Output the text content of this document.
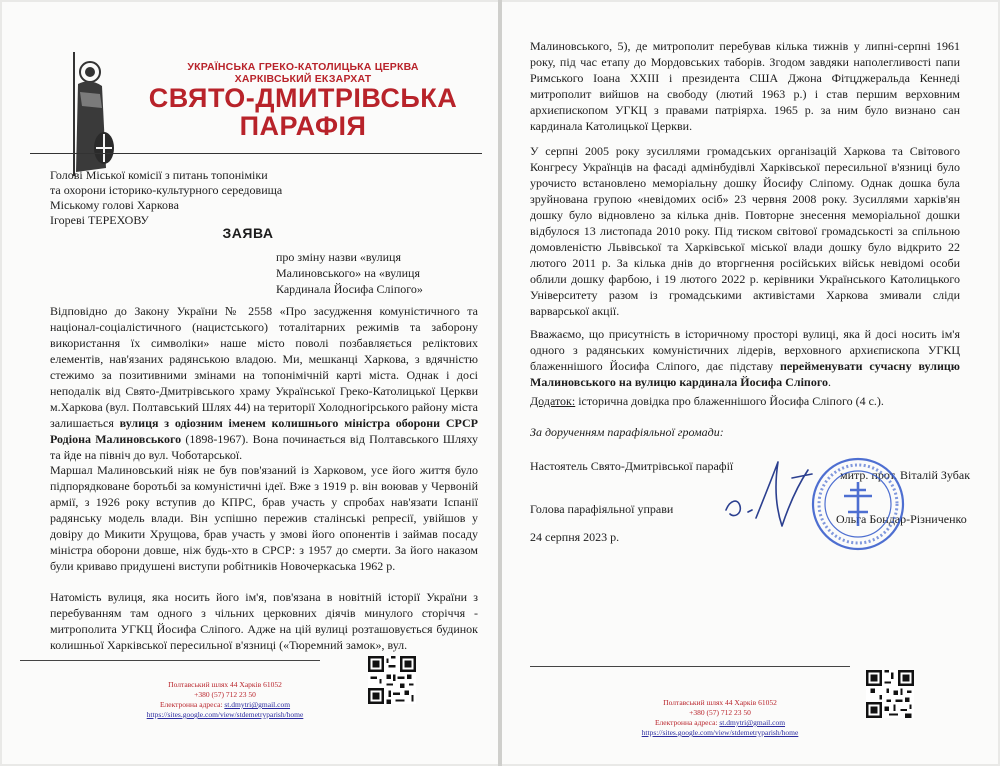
УКРАЇНСЬКА ГРЕКО-КАТОЛИЦЬКА ЦЕРКВА
ХАРКІВСЬКИЙ ЕКЗАРХАТ
СВЯТО-ДМИТРІВСЬКА
ПАРАФІЯ
Голові Міської комісії з питань топоніміки
та охорони історико-культурного середовища
Міському голові Харкова
Ігореві ТЕРЕХОВУ
ЗАЯВА
про зміну назви «вулиця
Малиновського» на «вулиця
Кардинала Йосифа Сліпого»
Відповідно до Закону України № 2558 «Про засудження комуністичного та націонал-соціалістичного (нацистського) тоталітарних режимів та заборону використання їх символіки» наше місто поволі позбавляється реліктових елементів, нав'язаних радянською владою. Ми, мешканці Харкова, з вдячністю стежимо за позитивними змінами на топонімічній карті міста. Однак і досі неподалік від Свято-Дмитрівського храму Української Греко-Католицької Церкви м.Харкова (вул. Полтавський Шлях 44) на території Холодногірського району міста залишається вулиця з одіозним іменем колишнього міністра оборони СРСР Родіона Малиновського (1898-1967). Вона починається від Полтавського Шляху та йде на північ до вул. Чоботарської.
Маршал Малиновський ніяк не був пов'язаний із Харковом, усе його життя було підпорядковане боротьбі за комуністичні ідеї. Вже з 1919 р. він воював у Червоній армії, з 1926 року вступив до КПРС, брав участь у спробах нав'язати Іспанії радянську модель влади. Він успішно пережив сталінські репресії, увійшов у довіру до Микити Хрущова, брав участь у змові його опонентів і займав посаду міністра оборони довше, ніж будь-хто в СРСР: з 1957 до смерти. За його наказом були криваво придушені виступи робітників Новочеркаська 1962 р.
Натомість вулиця, яка носить його ім'я, пов'язана в новітній історії України з перебуванням там одного з чільних церковних діячів минулого сторіччя - митрополита УГКЦ Йосифа Сліпого. Адже на цій вулиці розташовується будинок колишньої Харківської пересильної в'язниці («Тюремний замок», вул.
Полтавський шлях 44 Харків 61052
+380 (57) 712 23 50
Електронна адреса: st.dmytri@gmail.com
https://sites.google.com/view/stdemetryparish/home
Малиновського, 5), де митрополит перебував кілька тижнів у липні-серпні 1961 року, під час етапу до Мордовських таборів. Згодом завдяки наполегливості папи Римського Іоана XXIII і президента США Джона Фітцджеральда Кеннеді митрополит вийшов на свободу (лютий 1963 р.) і став першим верховним архиєпископом УГКЦ з правами патріярха. 1965 р. за ним було визнано сан кардинала Католицької Церкви.
У серпні 2005 року зусиллями громадських організацій Харкова та Світового Конгресу Українців на фасаді адмінбудівлі Харківської пересильної в'язниці було урочисто встановлено меморіальну дошку Йосифу Сліпому. Однак дошка була зруйнована групою «невідомих осіб» 23 червня 2008 року. Зусиллями харків'ян дошку було відновлено за кілька днів. Повторне знесення меморіальної дошки відбулося 13 листопада 2010 року. Під тиском світової громадськості за спільною домовленістю Львівської та Харківської міської влади дошку було відкрито 22 лютого 2011 р. За кілька днів до вторгнення російських військ невідомі особи облили дошку фарбою, і 19 лютого 2022 р. керівники Українського Католицького Університету разом із громадськими активістами Харкова змивали сліди варварської акції.
Вважаємо, що присутність в історичному просторі вулиці, яка й досі носить ім'я одного з радянських комуністичних лідерів, верховного архиєпископа УГКЦ блаженнішого Йосифа Сліпого, дає підставу перейменувати сучасну вулицю Малиновського на вулицю кардинала Йосифа Сліпого.
Додаток: історична довідка про блаженнішого Йосифа Сліпого (4 с.).
За дорученням парафіяльної громади:
Настоятель Свято-Дмитрівської парафії
митр. прот. Віталій Зубак
Голова парафіяльної управи
Ольга Бондар-Різниченко
24 серпня 2023 р.
Полтавський шлях 44 Харків 61052
+380 (57) 712 23 50
Електронна адреса: st.dmytri@gmail.com
https://sites.google.com/view/stdemetryparish/home
